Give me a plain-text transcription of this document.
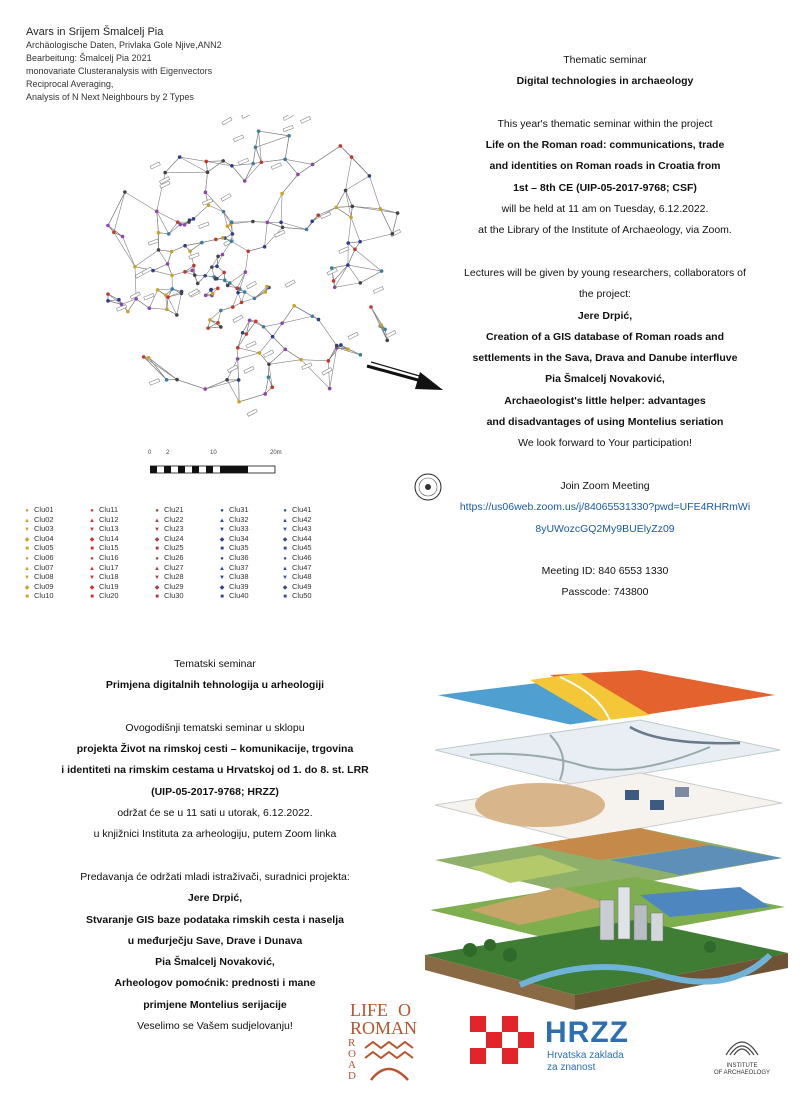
Avars in Srijem Šmalcelj Pia
Archäologische Daten, Privlaka Gole Njive,ANN2
Bearbeitung: Šmalcelj Pia 2021
monovariate Clusteranalysis with Eigenvectors
Reciprocal Averaging,
Analysis of N Next Neighbours by 2 Types
0 2	10	20m
● Clu01
▲ Clu02
▼ Clu03
◆ Clu04
■ Clu05
● Clu06
▲ Clu07
▼ Clu08
◆ Clu09
■ Clu10
● Clu11
▲ Clu12
▼ Clu13
◆ Clu14
■ Clu15
● Clu16
▲ Clu17
▼ Clu18
◆ Clu19
■ Clu20
● Clu21
▲ Clu22
▼ Clu23
◆ Clu24
■ Clu25
● Clu26
▲ Clu27
▼ Clu28
◆ Clu29
■ Clu30
● Clu31
▲ Clu32
▼ Clu33
◆ Clu34
■ Clu35
● Clu36
▲ Clu37
▼ Clu38
◆ Clu39
■ Clu40
● Clu41
▲ Clu42
▼ Clu43
◆ Clu44
■ Clu45
● Clu46
▲ Clu47
▼ Clu48
◆ Clu49
■ Clu50
Thematic seminar
Digital technologies in archaeology

This year's thematic seminar within the project
Life on the Roman road: communications, trade
and identities on Roman roads in Croatia from
1st – 8th CE (UIP-05-2017-9768; CSF)
will be held at 11 am on Tuesday, 6.12.2022.
at the Library of the Institute of Archaeology, via Zoom.

Lectures will be given by young researchers, collaborators of
the project:
Jere Drpić,
Creation of a GIS database of Roman roads and
settlements in the Sava, Drava and Danube interfluve
Pia Šmalcelj Novaković,
Archaeologist's little helper: advantages
and disadvantages of using Montelius seriation
We look forward to Your participation!

Join Zoom Meeting
https://us06web.zoom.us/j/84065531330?pwd=UFE4RHRmWi
8yUWozcGQ2My9BUElyZz09

Meeting ID: 840 6553 1330
Passcode: 743800
Tematski seminar
Primjena digitalnih tehnologija u arheologiji

Ovogodišnji tematski seminar u sklopu
projekta Život na rimskoj cesti – komunikacije, trgovina
i identiteti na rimskim cestama u Hrvatskoj od 1. do 8. st. LRR
(UIP-05-2017-9768; HRZZ)
održat će se u 11 sati u utorak, 6.12.2022.
u knjižnici Instituta za arheologiju, putem Zoom linka

Predavanja će održati mladi istraživači, suradnici projekta:
Jere Drpić,
Stvaranje GIS baze podataka rimskih cesta i naselja
u međurječju Save, Drave i Dunava
Pia Šmalcelj Novaković,
Arheologov pomoćnik: prednosti i mane
primjene Montelius serijacije
Veselimo se Vašem sudjelovanju!
LIFE O
ROMAN
ROAD
HRZZ
Hrvatska zaklada
za znanost	INSTITUTE
OF ARCHAEOLOGY
